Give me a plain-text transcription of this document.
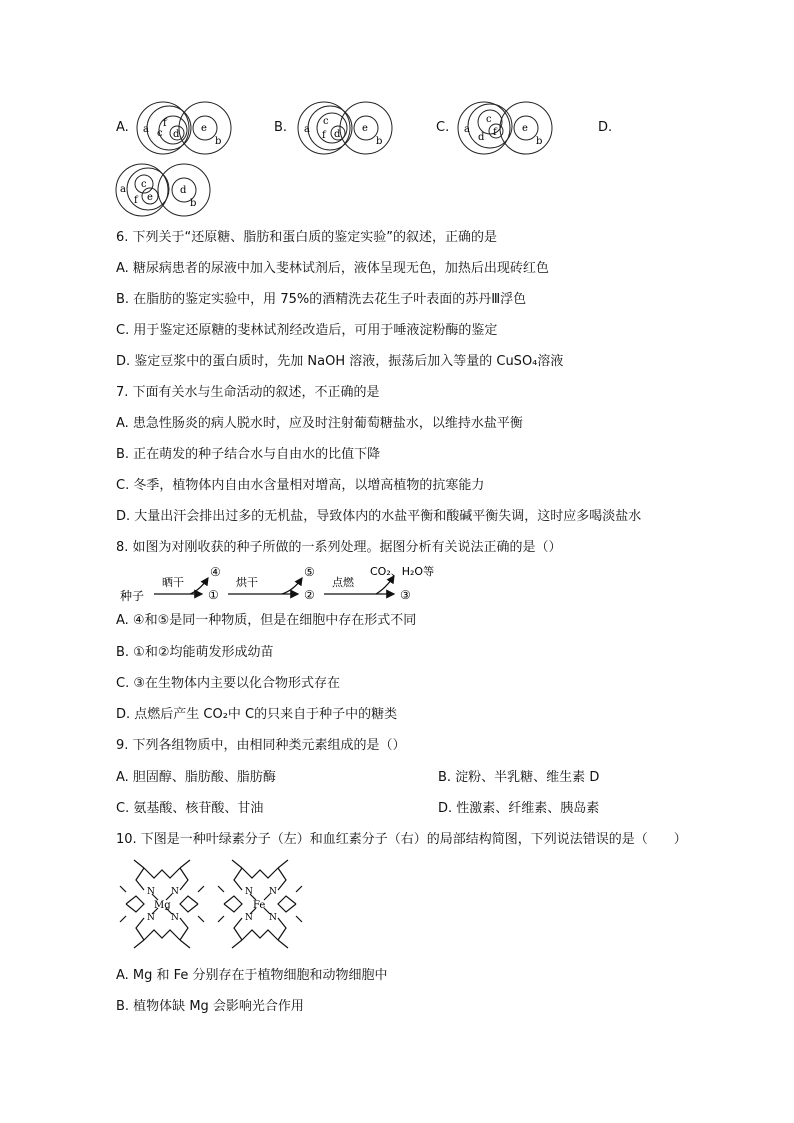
A. a c
f
d
e
b
B. a
c
f d
e
b
C. a
c
d f	e
b
D.
a c
f e
d
b
6. 下列关于“还原糖、脂肪和蛋白质的鉴定实验”的叙述，正确的是
A. 糖尿病患者的尿液中加入斐林试剂后，液体呈现无色，加热后出现砖红色
B. 在脂肪的鉴定实验中，用 75%的酒精洗去花生子叶表面的苏丹Ⅲ浮色
C. 用于鉴定还原糖的斐林试剂经改造后，可用于唾液淀粉酶的鉴定
D. 鉴定豆浆中的蛋白质时，先加 NaOH 溶液，振荡后加入等量的 CuSO₄溶液
7. 下面有关水与生命活动的叙述，不正确的是
A. 患急性肠炎的病人脱水时，应及时注射葡萄糖盐水，以维持水盐平衡
B. 正在萌发的种子结合水与自由水的比值下降
C. 冬季，植物体内自由水含量相对增高，以增高植物的抗寒能力
D. 大量出汗会排出过多的无机盐，导致体内的水盐平衡和酸碱平衡失调，这时应多喝淡盐水
8. 如图为对刚收获的种子所做的一系列处理。据图分析有关说法正确的是（）
种子
晒干
④
①
烘干
⑤
②
点燃
CO₂、H₂O等
③
A. ④和⑤是同一种物质，但是在细胞中存在形式不同
B. ①和②均能萌发形成幼苗
C. ③在生物体内主要以化合物形式存在
D. 点燃后产生 CO₂中 C的只来自于种子中的糖类
9. 下列各组物质中，由相同种类元素组成的是（）
A. 胆固醇、脂肪酸、脂肪酶	B. 淀粉、半乳糖、维生素 D
C. 氨基酸、核苷酸、甘油	D. 性激素、纤维素、胰岛素
10. 下图是一种叶绿素分子（左）和血红素分子（右）的局部结构简图，下列说法错误的是（　　）
N N
N N
Mg
N N
N N
Fe
A. Mg 和 Fe 分别存在于植物细胞和动物细胞中
B. 植物体缺 Mg 会影响光合作用
